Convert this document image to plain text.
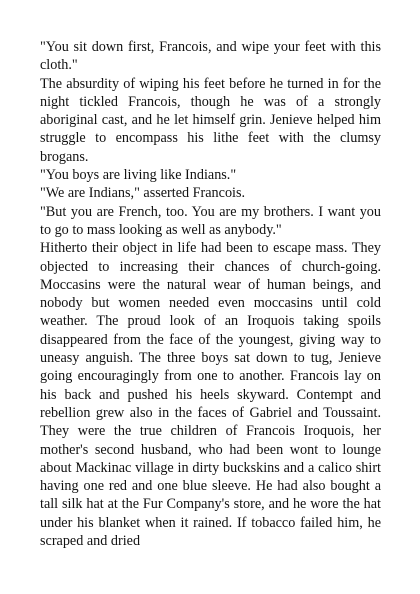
"You sit down first, Francois, and wipe your feet with this cloth."

The absurdity of wiping his feet before he turned in for the night tickled Francois, though he was of a strongly aboriginal cast, and he let himself grin. Jenieve helped him struggle to encompass his lithe feet with the clumsy brogans.

"You boys are living like Indians."

"We are Indians," asserted Francois.

"But you are French, too. You are my brothers. I want you to go to mass looking as well as anybody."

Hitherto their object in life had been to escape mass. They objected to increasing their chances of church-going. Moccasins were the natural wear of human beings, and nobody but women needed even moccasins until cold weather. The proud look of an Iroquois taking spoils disappeared from the face of the youngest, giving way to uneasy anguish. The three boys sat down to tug, Jenieve going encouragingly from one to another. Francois lay on his back and pushed his heels skyward. Contempt and rebellion grew also in the faces of Gabriel and Toussaint. They were the true children of Francois Iroquois, her mother's second husband, who had been wont to lounge about Mackinac village in dirty buckskins and a calico shirt having one red and one blue sleeve. He had also bought a tall silk hat at the Fur Company's store, and he wore the hat under his blanket when it rained. If tobacco failed him, he scraped and dried
